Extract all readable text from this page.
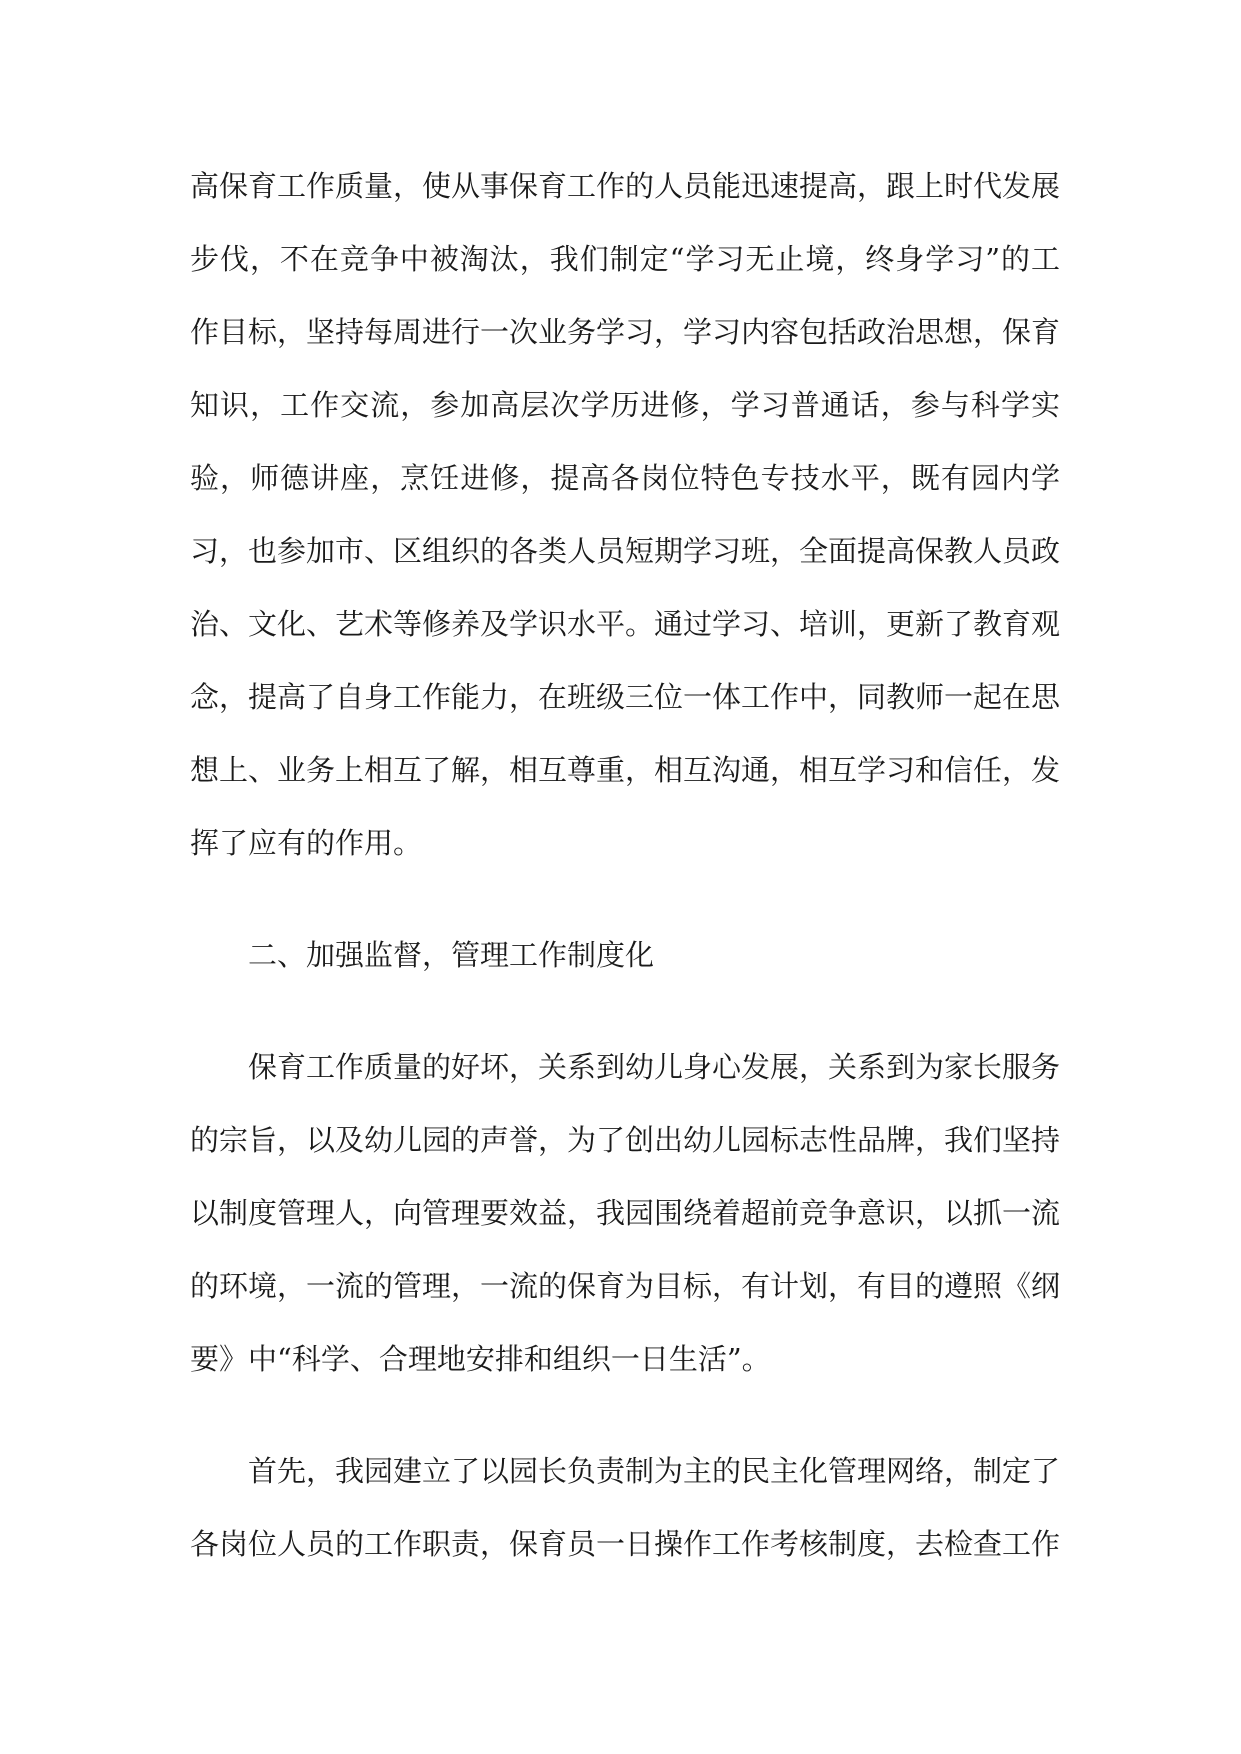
高保育工作质量，使从事保育工作的人员能迅速提高，跟上时代发展步伐，不在竞争中被淘汰，我们制定“学习无止境，终身学习”的工作目标，坚持每周进行一次业务学习，学习内容包括政治思想，保育知识，工作交流，参加高层次学历进修，学习普通话，参与科学实验，师德讲座，烹饪进修，提高各岗位特色专技水平，既有园内学习，也参加市、区组织的各类人员短期学习班，全面提高保教人员政治、文化、艺术等修养及学识水平。通过学习、培训，更新了教育观念，提高了自身工作能力，在班级三位一体工作中，同教师一起在思想上、业务上相互了解，相互尊重，相互沟通，相互学习和信任，发挥了应有的作用。

二、加强监督，管理工作制度化

保育工作质量的好坏，关系到幼儿身心发展，关系到为家长服务的宗旨，以及幼儿园的声誉，为了创出幼儿园标志性品牌，我们坚持以制度管理人，向管理要效益，我园围绕着超前竞争意识，以抓一流的环境，一流的管理，一流的保育为目标，有计划，有目的遵照《纲要》中“科学、合理地安排和组织一日生活”。

首先，我园建立了以园长负责制为主的民主化管理网络，制定了各岗位人员的工作职责，保育员一日操作工作考核制度，去检查工作
